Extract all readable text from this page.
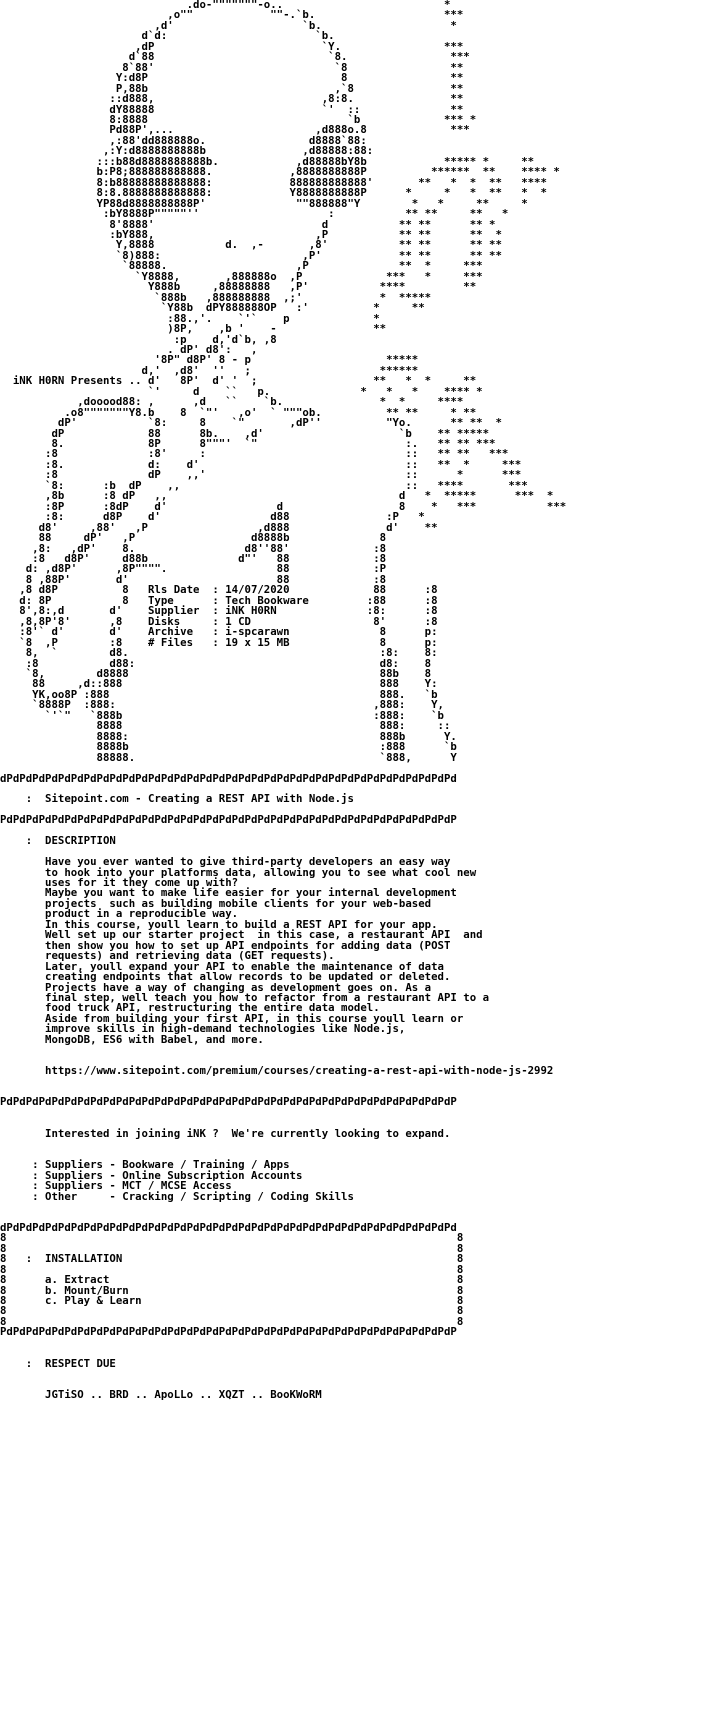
.do-"""""""-o..                         *
,o""            ""-.`b.                    ***
,d'                    `b.                    *
d`d:                       `b.
,dP                          `Y.                ***
d`88                           `8.                ***
8`88'                            `8                **
Y:d8P                              8                **
P,88b                             ,`8               **
::d888,                          ,8:8.               **
dY88888                          `'  ::              **
8:8888                               `b             *** *
Pd88P',...                      ,d888o.8             ***
,:88'dd888888o.                d8888`88:
,:Y:d8888888888b               ,d88888:88:
:::b88d8888888888b.            ,d88888bY8b            ***** *     **
b:P8;888888888888.            ,8888888888P          ******  **    **** *
8:b88888888888888:            888888888888'       **   *  *  **   ****
8:8.8888888888888:            Y8888888888P      *     *   *  **   *  *
YP88d8888888888P'              ""888888"Y        *   *     **     *
:bY8888P"""""''                    :           ** **     **   *
8'8888'                          d           ** **      ** *
:bY888,                         ,P           ** **      **  *
Y,8888           d.  ,-       ,8'           ** **      ** **
`8)888:                      ,P'            ** **      ** **
`88888.                    ,P              **  *     ***
`Y8888,       ,888888o  ,P             ***   *     ***
Y888b     ,88888888   ,P'           ****         **
`888b   ,888888888  ,;'            *  *****
`Y88b  dPY888888OP   :'          *     **
:88.,'.    `'`    p             *
)8P,    ,b '    -               **
:p    d,'d`b, ,8
. dP' d8':   ,
'8P" d8P' 8 - p                     *****
d,'  ,d8'  ''   ;                    ******
iNK H0RN Presents .. d'   8P'  d' '  ;                  **   *  *     **
`'     d    ``   p.              *   *   *    **** *
,dooood88: ,      ,d   ``    `b.               *  *     ****
.o8"""""""Y8.b    8  `"'   ,o'  ` """ob.          ** **     * **
dP'           `8:     8    `"       ,dP''          "Yo.      ** **  *
dP             88      8b.    ,d'                     `b    ** *****
8.             8P      8"""'  `"                       :.   ** ** ***
:8              :8'     :                               ::   ** **   ***
:8.             d:    d'                                ::   **  *     ***
:8              dP    ,,'                               ::      *      ***
`8:      :b  dP    ,,                                   ::   ****       ***
,8b      :8 dP   ,,                                    d   *  *****      ***  *
:8P      :8dP    d'                 d                  8    *   ***           ***
:8:      d8P    d'                 d88               :P   *
d8'     ,88'   ,P                 ,d888               d'    **
88     dP'   ,P                  d8888b              8
,8:   ,dP'    8.                 d8''88'             :8
:8   d8P'     d88b              d"'   88             :8
d: ,d8P'      ,8P"""".                 88             :P
8 ,88P'       d'                       88             :8
,8 d8P          8   Rls Date  : 14/07/2020             88      :8
d: 8P           8   Type      : Tech Bookware         :88      :8
8',8:,d       d'    Supplier  : iNK H0RN              :8:      :8
,8,8P'8'      ,8    Disks     : 1 CD                   8'      :8
:8'` d'       d'    Archive   : i-spcarawn              8      p:
`8  ,P        :8    # Files   : 19 x 15 MB              8      p:
8,  `        d8.                                       :8:    8:
:8           d88:                                      d8:    8
`8,        d8888                                       88b    8
88     ,d::888                                        888    Y:
YK,oo8P :888                                          888.   `b
`8888P  :888:                                        ,888:    Y,
`'`"   `888b                                       :888:    `b
8888                                        888:     ::
8888:                                       888b      Y.
8888b                                       :888      `b
88888.                                      `888,      Y
dPdPdPdPdPdPdPdPdPdPdPdPdPdPdPdPdPdPdPdPdPdPdPdPdPdPdPdPdPdPdPdPdPdPdPd
:  Sitepoint.com - Creating a REST API with Node.js
PdPdPdPdPdPdPdPdPdPdPdPdPdPdPdPdPdPdPdPdPdPdPdPdPdPdPdPdPdPdPdPdPdPdPdP
:  DESCRIPTION
Have you ever wanted to give third-party developers an easy way
to hook into your platforms data, allowing you to see what cool new
uses for it they come up with?
Maybe you want to make life easier for your internal development
projects  such as building mobile clients for your web-based
product in a reproducible way.
In this course, youll learn to build a REST API for your app.
Well set up our starter project  in this case, a restaurant API  and
then show you how to set up API endpoints for adding data (POST
requests) and retrieving data (GET requests).
Later, youll expand your API to enable the maintenance of data
creating endpoints that allow records to be updated or deleted.
Projects have a way of changing as development goes on. As a
final step, well teach you how to refactor from a restaurant API to a
food truck API, restructuring the entire data model.
Aside from building your first API, in this course youll learn or
improve skills in high-demand technologies like Node.js,
MongoDB, ES6 with Babel, and more.
https://www.sitepoint.com/premium/courses/creating-a-rest-api-with-node-js-2992
PdPdPdPdPdPdPdPdPdPdPdPdPdPdPdPdPdPdPdPdPdPdPdPdPdPdPdPdPdPdPdPdPdPdPdP
Interested in joining iNK ?  We're currently looking to expand.
: Suppliers - Bookware / Training / Apps
: Suppliers - Online Subscription Accounts
: Suppliers - MCT / MCSE Access
: Other     - Cracking / Scripting / Coding Skills
dPdPdPdPdPdPdPdPdPdPdPdPdPdPdPdPdPdPdPdPdPdPdPdPdPdPdPdPdPdPdPdPdPdPdPd
8                                                                      8
8                                                                      8
8   :  INSTALLATION                                                    8
8                                                                      8
8      a. Extract                                                      8
8      b. Mount/Burn                                                   8
8      c. Play & Learn                                                 8
8                                                                      8
8                                                                      8
PdPdPdPdPdPdPdPdPdPdPdPdPdPdPdPdPdPdPdPdPdPdPdPdPdPdPdPdPdPdPdPdPdPdPdP
:  RESPECT DUE
JGTiSO .. BRD .. ApoLLo .. XQZT .. BooKWoRM
